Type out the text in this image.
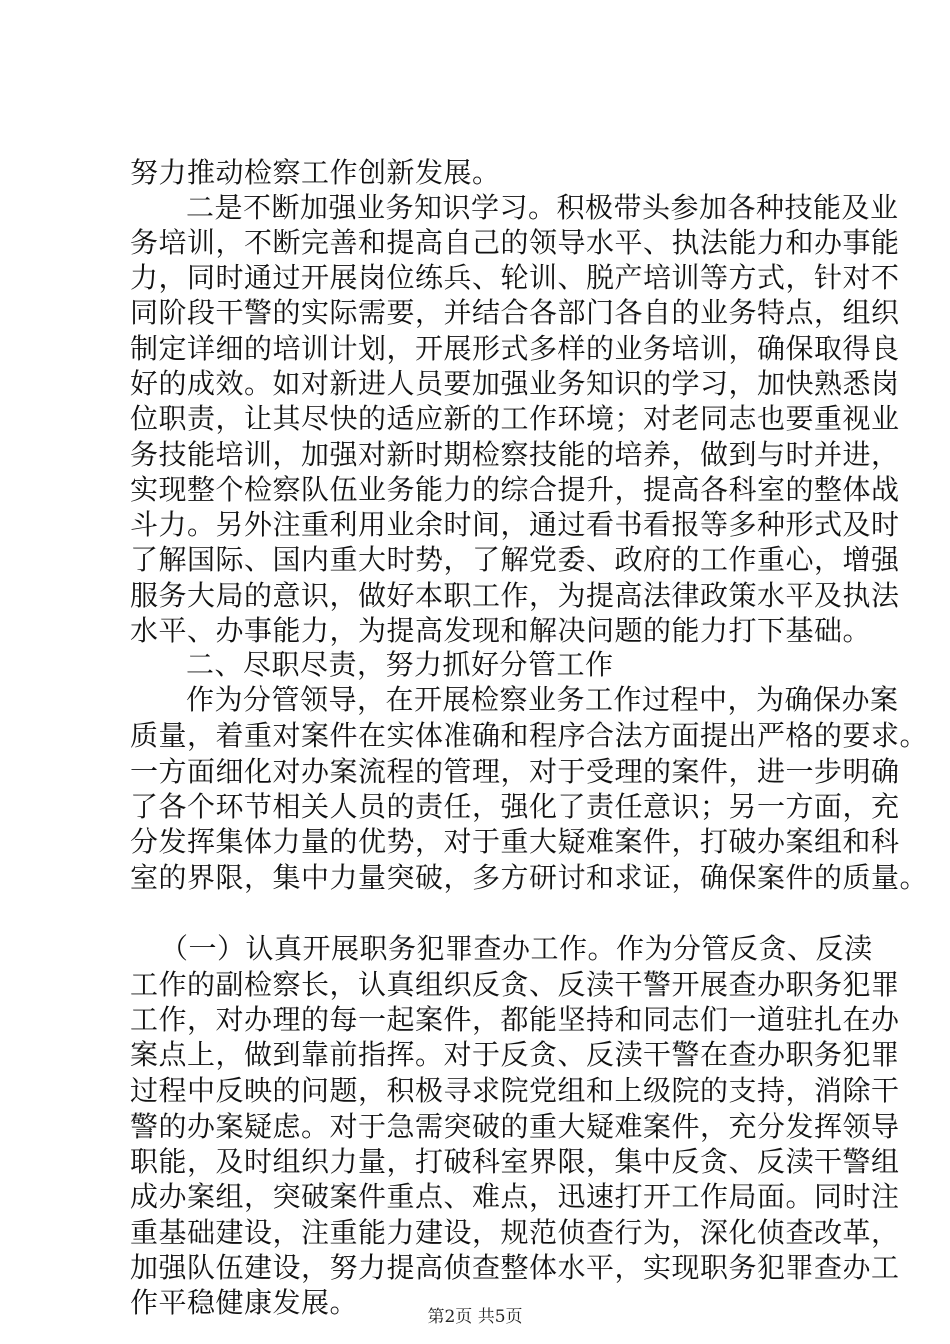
努力推动检察工作创新发展。
二是不断加强业务知识学习。积极带头参加各种技能及业
务培训，不断完善和提高自己的领导水平、执法能力和办事能
力，同时通过开展岗位练兵、轮训、脱产培训等方式，针对不
同阶段干警的实际需要，并结合各部门各自的业务特点，组织
制定详细的培训计划，开展形式多样的业务培训，确保取得良
好的成效。如对新进人员要加强业务知识的学习，加快熟悉岗
位职责，让其尽快的适应新的工作环境；对老同志也要重视业
务技能培训，加强对新时期检察技能的培养，做到与时并进，
实现整个检察队伍业务能力的综合提升，提高各科室的整体战
斗力。另外注重利用业余时间，通过看书看报等多种形式及时
了解国际、国内重大时势，了解党委、政府的工作重心，增强
服务大局的意识，做好本职工作，为提高法律政策水平及执法
水平、办事能力，为提高发现和解决问题的能力打下基础。
二、尽职尽责，努力抓好分管工作
作为分管领导，在开展检察业务工作过程中，为确保办案
质量，着重对案件在实体准确和程序合法方面提出严格的要求。
一方面细化对办案流程的管理，对于受理的案件，进一步明确
了各个环节相关人员的责任，强化了责任意识；另一方面，充
分发挥集体力量的优势，对于重大疑难案件，打破办案组和科
室的界限，集中力量突破，多方研讨和求证，确保案件的质量。
（一）认真开展职务犯罪查办工作。作为分管反贪、反渎
工作的副检察长，认真组织反贪、反渎干警开展查办职务犯罪
工作，对办理的每一起案件，都能坚持和同志们一道驻扎在办
案点上，做到靠前指挥。对于反贪、反渎干警在查办职务犯罪
过程中反映的问题，积极寻求院党组和上级院的支持，消除干
警的办案疑虑。对于急需突破的重大疑难案件，充分发挥领导
职能，及时组织力量，打破科室界限，集中反贪、反渎干警组
成办案组，突破案件重点、难点，迅速打开工作局面。同时注
重基础建设，注重能力建设，规范侦查行为，深化侦查改革，
加强队伍建设，努力提高侦查整体水平，实现职务犯罪查办工
作平稳健康发展。	第2页 共5页
